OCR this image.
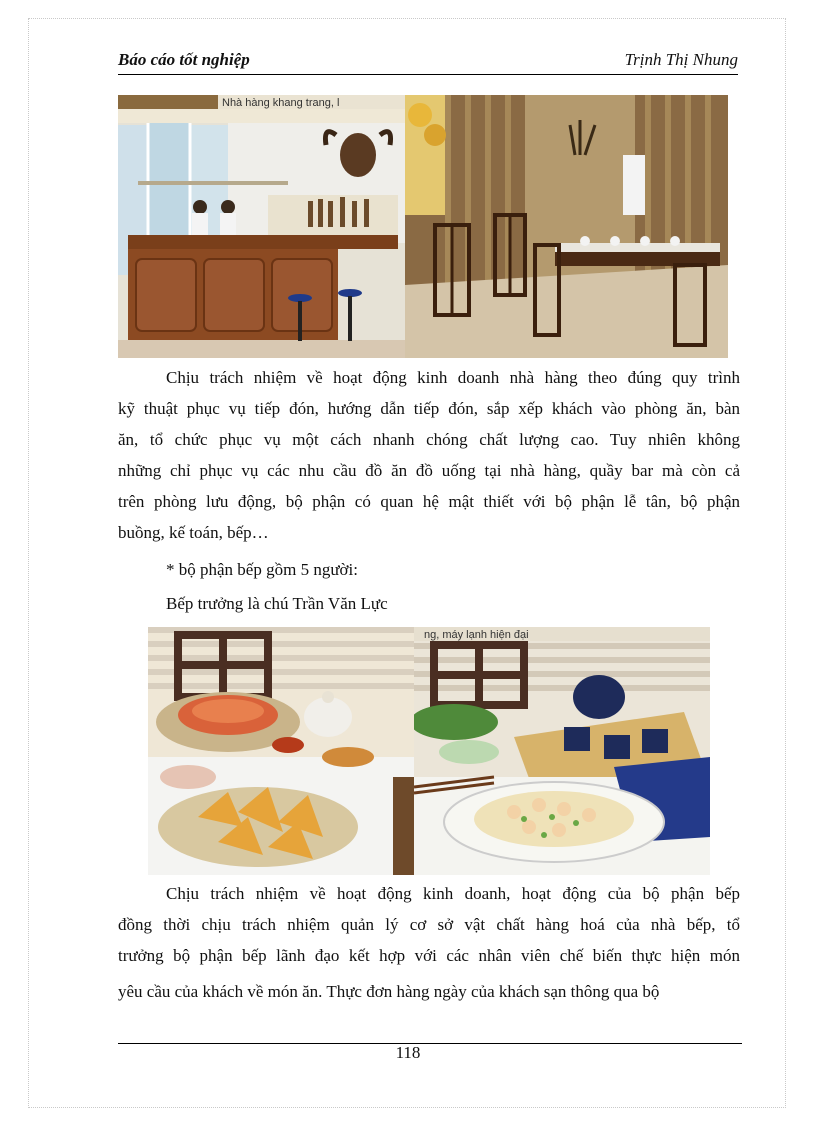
Báo cáo tốt nghiệp	Trịnh Thị Nhung
Nhà hàng khang trang, l
Chịu trách nhiệm về hoạt động kinh doanh nhà hàng theo đúng quy trình
kỹ thuật phục vụ tiếp đón, hướng dẫn tiếp đón, sắp xếp khách vào phòng ăn, bàn
ăn, tổ chức phục vụ một cách nhanh chóng chất lượng cao. Tuy nhiên không
những chỉ phục vụ các nhu cầu đồ ăn đồ uống tại nhà hàng, quầy bar mà còn cả
trên phòng lưu động, bộ phận có quan hệ mật thiết với bộ phận lễ tân, bộ phận
buồng, kế toán, bếp…
* bộ phận bếp gồm 5 người:
Bếp trưởng là chú Trần Văn Lực
ng, máy lạnh hiện đại
Chịu trách nhiệm về hoạt động kinh doanh, hoạt động của bộ phận bếp
đồng thời chịu trách nhiệm quản lý cơ sở vật chất hàng hoá của nhà bếp, tổ
trưởng bộ phận bếp lãnh đạo kết hợp với các nhân viên chế biến thực hiện món
yêu cầu của khách về món ăn. Thực đơn hàng ngày của khách sạn thông qua bộ
118
